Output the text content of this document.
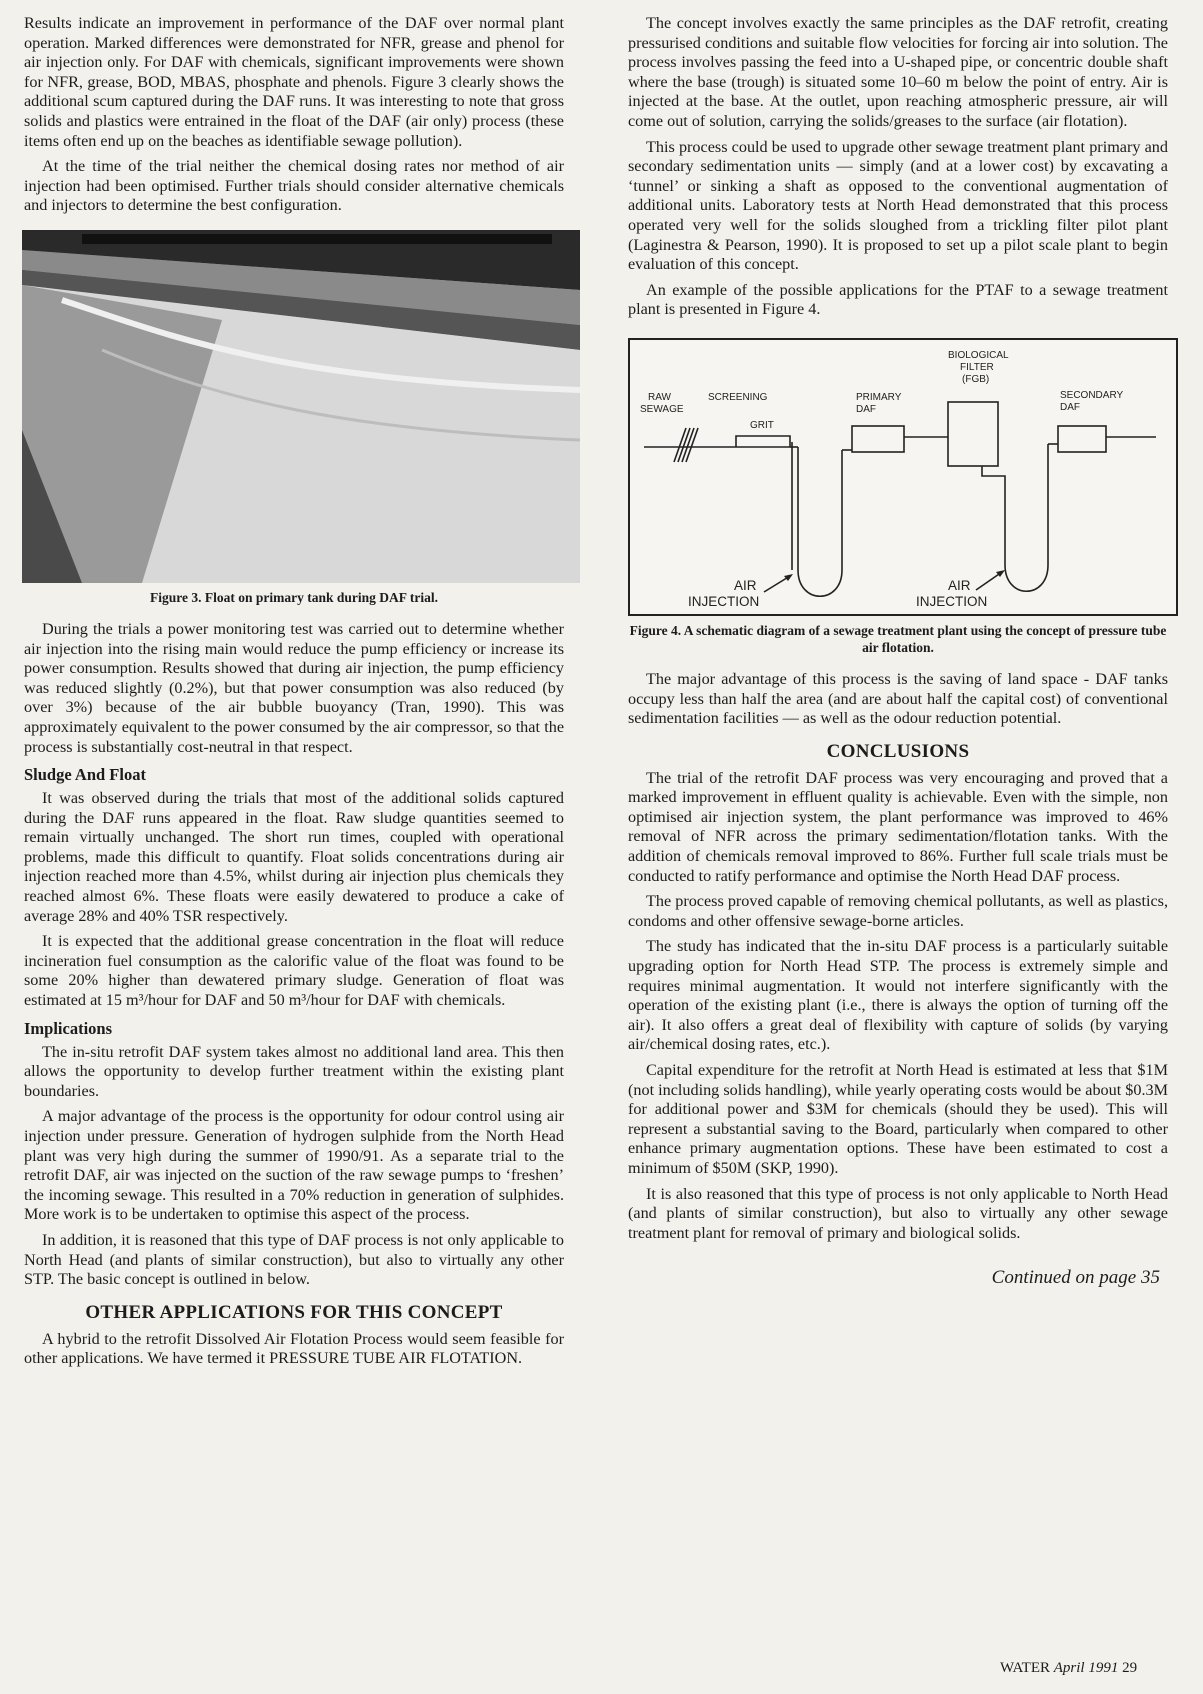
Results indicate an improvement in performance of the DAF over normal plant operation. Marked differences were demonstrated for NFR, grease and phenol for air injection only. For DAF with chemicals, significant improvements were shown for NFR, grease, BOD, MBAS, phosphate and phenols. Figure 3 clearly shows the additional scum captured during the DAF runs. It was interesting to note that gross solids and plastics were entrained in the float of the DAF (air only) process (these items often end up on the beaches as identifiable sewage pollution).

At the time of the trial neither the chemical dosing rates nor method of air injection had been optimised. Further trials should consider alternative chemicals and injectors to determine the best configuration.

Figure 3. Float on primary tank during DAF trial.

During the trials a power monitoring test was carried out to determine whether air injection into the rising main would reduce the pump efficiency or increase its power consumption. Results showed that during air injection, the pump efficiency was reduced slightly (0.2%), but that power consumption was also reduced (by over 3%) because of the air bubble buoyancy (Tran, 1990). This was approximately equivalent to the power consumed by the air compressor, so that the process is substantially cost-neutral in that respect.

Sludge And Float

It was observed during the trials that most of the additional solids captured during the DAF runs appeared in the float. Raw sludge quantities seemed to remain virtually unchanged. The short run times, coupled with operational problems, made this difficult to quantify. Float solids concentrations during air injection reached more than 4.5%, whilst during air injection plus chemicals they reached almost 6%. These floats were easily dewatered to produce a cake of average 28% and 40% TSR respectively.

It is expected that the additional grease concentration in the float will reduce incineration fuel consumption as the calorific value of the float was found to be some 20% higher than dewatered primary sludge. Generation of float was estimated at 15 m³/hour for DAF and 50 m³/hour for DAF with chemicals.

Implications

The in-situ retrofit DAF system takes almost no additional land area. This then allows the opportunity to develop further treatment within the existing plant boundaries.

A major advantage of the process is the opportunity for odour control using air injection under pressure. Generation of hydrogen sulphide from the North Head plant was very high during the summer of 1990/91. As a separate trial to the retrofit DAF, air was injected on the suction of the raw sewage pumps to ‘freshen’ the incoming sewage. This resulted in a 70% reduction in generation of sulphides. More work is to be undertaken to optimise this aspect of the process.

In addition, it is reasoned that this type of DAF process is not only applicable to North Head (and plants of similar construction), but also to virtually any other STP. The basic concept is outlined in below.

OTHER APPLICATIONS FOR THIS CONCEPT

A hybrid to the retrofit Dissolved Air Flotation Process would seem feasible for other applications. We have termed it PRESSURE TUBE AIR FLOTATION.

The concept involves exactly the same principles as the DAF retrofit, creating pressurised conditions and suitable flow velocities for forcing air into solution. The process involves passing the feed into a U-shaped pipe, or concentric double shaft where the base (trough) is situated some 10–60 m below the point of entry. Air is injected at the base. At the outlet, upon reaching atmospheric pressure, air will come out of solution, carrying the solids/greases to the surface (air flotation).

This process could be used to upgrade other sewage treatment plant primary and secondary sedimentation units — simply (and at a lower cost) by excavating a ‘tunnel’ or sinking a shaft as opposed to the conventional augmentation of additional units. Laboratory tests at North Head demonstrated that this process operated very well for the solids sloughed from a trickling filter pilot plant (Laginestra & Pearson, 1990). It is proposed to set up a pilot scale plant to begin evaluation of this concept.

An example of the possible applications for the PTAF to a sewage treatment plant is presented in Figure 4.

RAW
SEWAGE
SCREENING
GRIT
PRIMARY
DAF
BIOLOGICAL
FILTER
(FGB)
SECONDARY
DAF
AIR
INJECTION
AIR
INJECTION
Figure 4. A schematic diagram of a sewage treatment plant using the concept of pressure tube air flotation.

The major advantage of this process is the saving of land space - DAF tanks occupy less than half the area (and are about half the capital cost) of conventional sedimentation facilities — as well as the odour reduction potential.

CONCLUSIONS

The trial of the retrofit DAF process was very encouraging and proved that a marked improvement in effluent quality is achievable. Even with the simple, non optimised air injection system, the plant performance was improved to 46% removal of NFR across the primary sedimentation/flotation tanks. With the addition of chemicals removal improved to 86%. Further full scale trials must be conducted to ratify performance and optimise the North Head DAF process.

The process proved capable of removing chemical pollutants, as well as plastics, condoms and other offensive sewage-borne articles.

The study has indicated that the in-situ DAF process is a particularly suitable upgrading option for North Head STP. The process is extremely simple and requires minimal augmentation. It would not interfere significantly with the operation of the existing plant (i.e., there is always the option of turning off the air). It also offers a great deal of flexibility with capture of solids (by varying air/chemical dosing rates, etc.).

Capital expenditure for the retrofit at North Head is estimated at less that $1M (not including solids handling), while yearly operating costs would be about $0.3M for additional power and $3M for chemicals (should they be used). This will represent a substantial saving to the Board, particularly when compared to other enhance primary augmentation options. These have been estimated to cost a minimum of $50M (SKP, 1990).

It is also reasoned that this type of process is not only applicable to North Head (and plants of similar construction), but also to virtually any other sewage treatment plant for removal of primary and biological solids.

Continued on page 35
WATER April 1991 29
